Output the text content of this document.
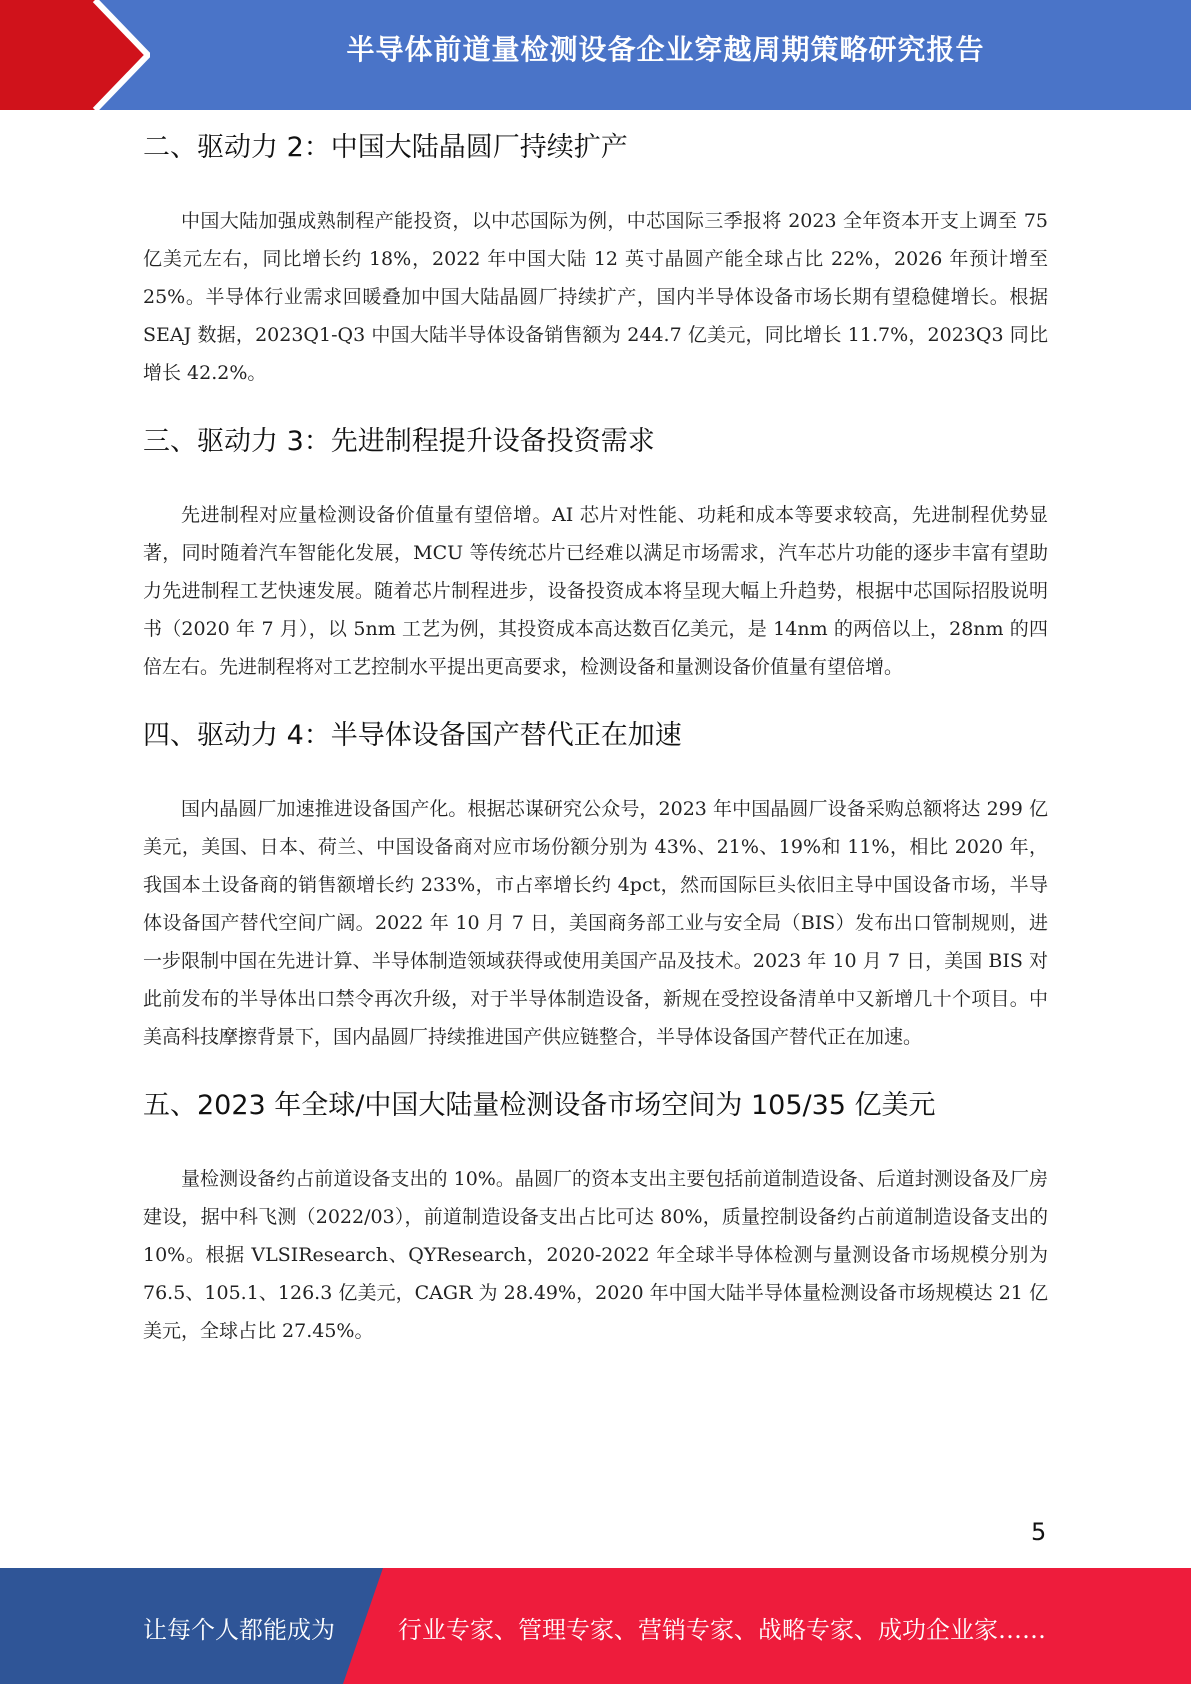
半导体前道量检测设备企业穿越周期策略研究报告
二、驱动力 2：中国大陆晶圆厂持续扩产

中国大陆加强成熟制程产能投资，以中芯国际为例，中芯国际三季报将 2023 全年资本开支上调至 75 亿美元左右，同比增长约 18%，2022 年中国大陆 12 英寸晶圆产能全球占比 22%，2026 年预计增至 25%。半导体行业需求回暖叠加中国大陆晶圆厂持续扩产，国内半导体设备市场长期有望稳健增长。根据 SEAJ 数据，2023Q1-Q3 中国大陆半导体设备销售额为 244.7 亿美元，同比增长 11.7%，2023Q3 同比增长 42.2%。

三、驱动力 3：先进制程提升设备投资需求

先进制程对应量检测设备价值量有望倍增。AI 芯片对性能、功耗和成本等要求较高，先进制程优势显著，同时随着汽车智能化发展，MCU 等传统芯片已经难以满足市场需求，汽车芯片功能的逐步丰富有望助力先进制程工艺快速发展。随着芯片制程进步，设备投资成本将呈现大幅上升趋势，根据中芯国际招股说明书（2020 年 7 月），以 5nm 工艺为例，其投资成本高达数百亿美元，是 14nm 的两倍以上，28nm 的四倍左右。先进制程将对工艺控制水平提出更高要求，检测设备和量测设备价值量有望倍增。

四、驱动力 4：半导体设备国产替代正在加速

国内晶圆厂加速推进设备国产化。根据芯谋研究公众号，2023 年中国晶圆厂设备采购总额将达 299 亿美元，美国、日本、荷兰、中国设备商对应市场份额分别为 43%、21%、19%和 11%，相比 2020 年，我国本土设备商的销售额增长约 233%，市占率增长约 4pct，然而国际巨头依旧主导中国设备市场，半导体设备国产替代空间广阔。2022 年 10 月 7 日，美国商务部工业与安全局（BIS）发布出口管制规则，进一步限制中国在先进计算、半导体制造领域获得或使用美国产品及技术。2023 年 10 月 7 日，美国 BIS 对此前发布的半导体出口禁令再次升级，对于半导体制造设备，新规在受控设备清单中又新增几十个项目。中美高科技摩擦背景下，国内晶圆厂持续推进国产供应链整合，半导体设备国产替代正在加速。

五、2023 年全球/中国大陆量检测设备市场空间为 105/35 亿美元

量检测设备约占前道设备支出的 10%。晶圆厂的资本支出主要包括前道制造设备、后道封测设备及厂房建设，据中科飞测（2022/03），前道制造设备支出占比可达 80%，质量控制设备约占前道制造设备支出的 10%。根据 VLSIResearch、QYResearch，2020-2022 年全球半导体检测与量测设备市场规模分别为 76.5、105.1、126.3 亿美元，CAGR 为 28.49%，2020 年中国大陆半导体量检测设备市场规模达 21 亿美元，全球占比 27.45%。

5
让每个人都能成为	行业专家、管理专家、营销专家、战略专家、成功企业家……
